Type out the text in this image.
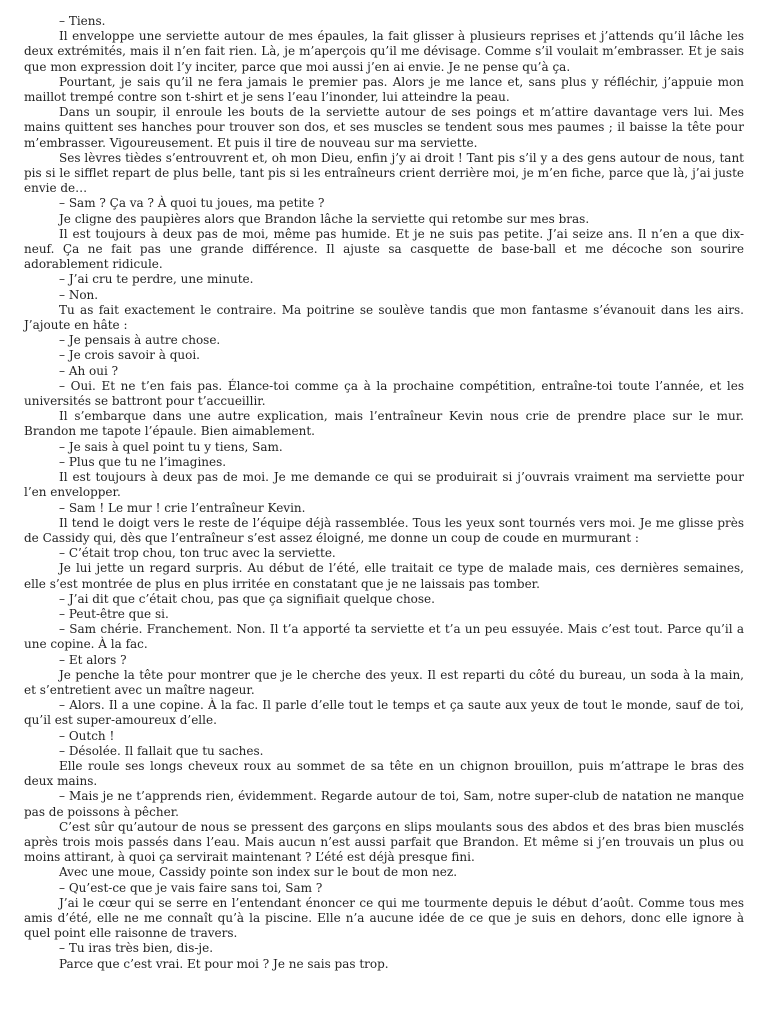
– Tiens.

Il enveloppe une serviette autour de mes épaules, la fait glisser à plusieurs reprises et j’attends qu’il lâche les deux extrémités, mais il n’en fait rien. Là, je m’aperçois qu’il me dévisage. Comme s’il voulait m’embrasser. Et je sais que mon expression doit l’y inciter, parce que moi aussi j’en ai envie. Je ne pense qu’à ça.

Pourtant, je sais qu’il ne fera jamais le premier pas. Alors je me lance et, sans plus y réfléchir, j’appuie mon maillot trempé contre son t-shirt et je sens l’eau l’inonder, lui atteindre la peau.

Dans un soupir, il enroule les bouts de la serviette autour de ses poings et m’attire davantage vers lui. Mes mains quittent ses hanches pour trouver son dos, et ses muscles se tendent sous mes paumes ; il baisse la tête pour m’embrasser. Vigoureusement. Et puis il tire de nouveau sur ma serviette.

Ses lèvres tièdes s’entrouvrent et, oh mon Dieu, enfin j’y ai droit ! Tant pis s’il y a des gens autour de nous, tant pis si le sifflet repart de plus belle, tant pis si les entraîneurs crient derrière moi, je m’en fiche, parce que là, j’ai juste envie de…

– Sam ? Ça va ? À quoi tu joues, ma petite ?

Je cligne des paupières alors que Brandon lâche la serviette qui retombe sur mes bras.

Il est toujours à deux pas de moi, même pas humide. Et je ne suis pas petite. J’ai seize ans. Il n’en a que dix-neuf. Ça ne fait pas une grande différence. Il ajuste sa casquette de base-ball et me décoche son sourire adorablement ridicule.

– J’ai cru te perdre, une minute.

– Non.

Tu as fait exactement le contraire. Ma poitrine se soulève tandis que mon fantasme s’évanouit dans les airs. J’ajoute en hâte :

– Je pensais à autre chose.

– Je crois savoir à quoi.

– Ah oui ?

– Oui. Et ne t’en fais pas. Élance-toi comme ça à la prochaine compétition, entraîne-toi toute l’année, et les universités se battront pour t’accueillir.

Il s’embarque dans une autre explication, mais l’entraîneur Kevin nous crie de prendre place sur le mur. Brandon me tapote l’épaule. Bien aimablement.

– Je sais à quel point tu y tiens, Sam.

– Plus que tu ne l’imagines.

Il est toujours à deux pas de moi. Je me demande ce qui se produirait si j’ouvrais vraiment ma serviette pour l’en envelopper.

– Sam ! Le mur ! crie l’entraîneur Kevin.

Il tend le doigt vers le reste de l’équipe déjà rassemblée. Tous les yeux sont tournés vers moi. Je me glisse près de Cassidy qui, dès que l’entraîneur s’est assez éloigné, me donne un coup de coude en murmurant :

– C’était trop chou, ton truc avec la serviette.

Je lui jette un regard surpris. Au début de l’été, elle traitait ce type de malade mais, ces dernières semaines, elle s’est montrée de plus en plus irritée en constatant que je ne laissais pas tomber.

– J’ai dit que c’était chou, pas que ça signifiait quelque chose.

– Peut-être que si.

– Sam chérie. Franchement. Non. Il t’a apporté ta serviette et t’a un peu essuyée. Mais c’est tout. Parce qu’il a une copine. À la fac.

– Et alors ?

Je penche la tête pour montrer que je le cherche des yeux. Il est reparti du côté du bureau, un soda à la main, et s’entretient avec un maître nageur.

– Alors. Il a une copine. À la fac. Il parle d’elle tout le temps et ça saute aux yeux de tout le monde, sauf de toi, qu’il est super-amoureux d’elle.

– Outch !

– Désolée. Il fallait que tu saches.

Elle roule ses longs cheveux roux au sommet de sa tête en un chignon brouillon, puis m’attrape le bras des deux mains.

– Mais je ne t’apprends rien, évidemment. Regarde autour de toi, Sam, notre super-club de natation ne manque pas de poissons à pêcher.

C’est sûr qu’autour de nous se pressent des garçons en slips moulants sous des abdos et des bras bien musclés après trois mois passés dans l’eau. Mais aucun n’est aussi parfait que Brandon. Et même si j’en trouvais un plus ou moins attirant, à quoi ça servirait maintenant ? L’été est déjà presque fini.

Avec une moue, Cassidy pointe son index sur le bout de mon nez.

– Qu’est-ce que je vais faire sans toi, Sam ?

J’ai le cœur qui se serre en l’entendant énoncer ce qui me tourmente depuis le début d’août. Comme tous mes amis d’été, elle ne me connaît qu’à la piscine. Elle n’a aucune idée de ce que je suis en dehors, donc elle ignore à quel point elle raisonne de travers.

– Tu iras très bien, dis-je.

Parce que c’est vrai. Et pour moi ? Je ne sais pas trop.
